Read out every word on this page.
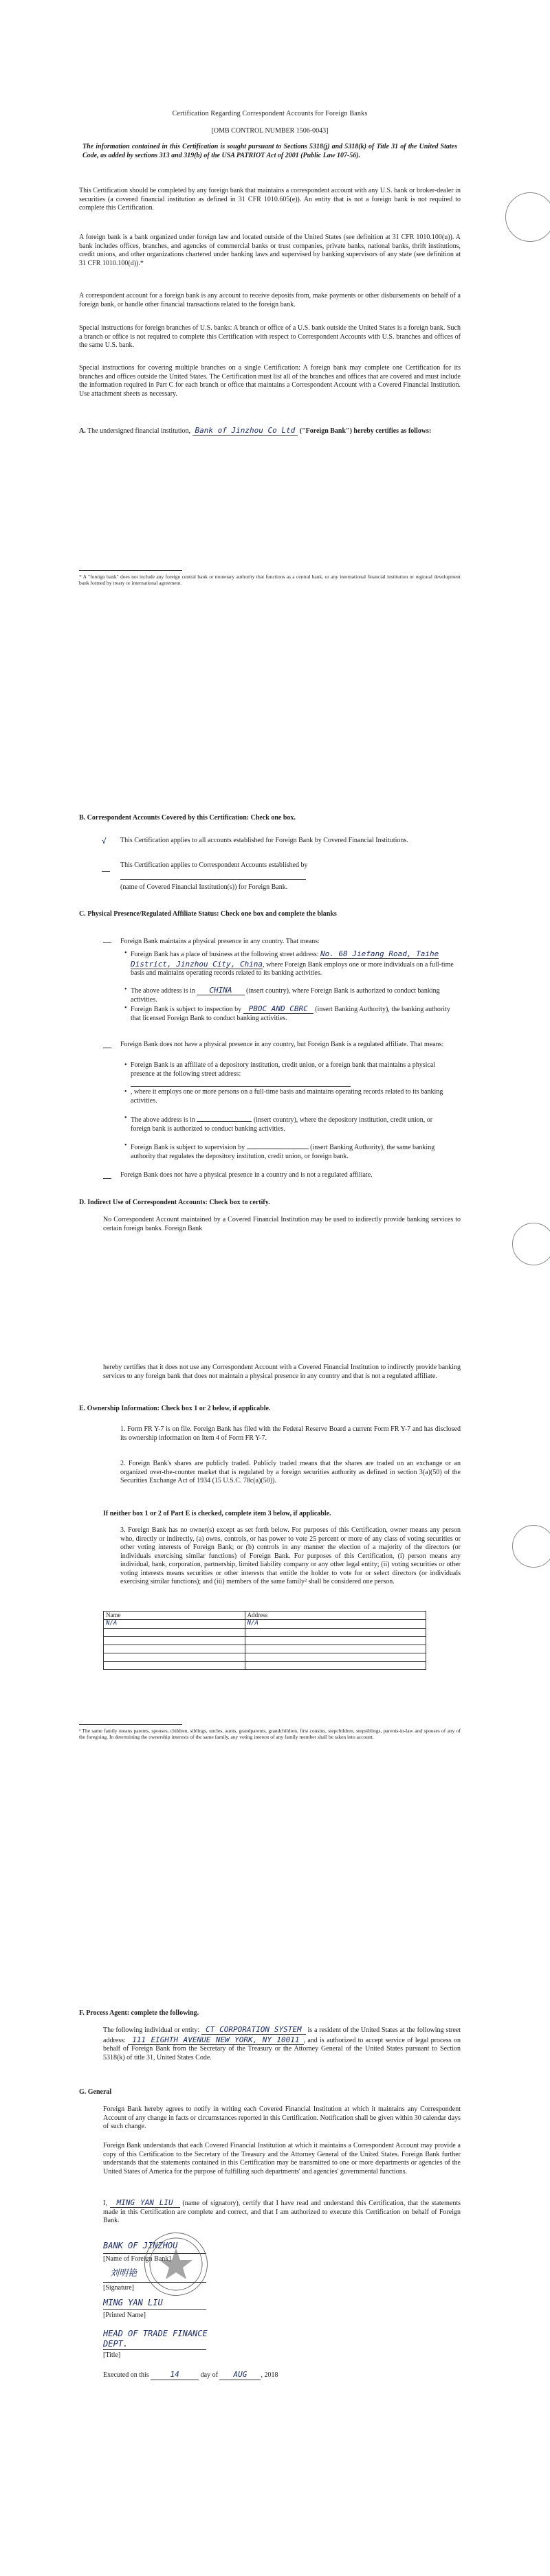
Certification Regarding Correspondent Accounts for Foreign Banks
[OMB CONTROL NUMBER 1506-0043]
The information contained in this Certification is sought pursuant to Sections 5318(j) and 5318(k) of Title 31 of the United States Code, as added by sections 313 and 319(b) of the USA PATRIOT Act of 2001 (Public Law 107-56).
This Certification should be completed by any foreign bank that maintains a correspondent account with any U.S. bank or broker-dealer in securities (a covered financial institution as defined in 31 CFR 1010.605(e)). An entity that is not a foreign bank is not required to complete this Certification.
A foreign bank is a bank organized under foreign law and located outside of the United States (see definition at 31 CFR 1010.100(u)). A bank includes offices, branches, and agencies of commercial banks or trust companies, private banks, national banks, thrift institutions, credit unions, and other organizations chartered under banking laws and supervised by banking supervisors of any state (see definition at 31 CFR 1010.100(d)).*
A correspondent account for a foreign bank is any account to receive deposits from, make payments or other disbursements on behalf of a foreign bank, or handle other financial transactions related to the foreign bank.
Special instructions for foreign branches of U.S. banks: A branch or office of a U.S. bank outside the United States is a foreign bank. Such a branch or office is not required to complete this Certification with respect to Correspondent Accounts with U.S. branches and offices of the same U.S. bank.
Special instructions for covering multiple branches on a single Certification: A foreign bank may complete one Certification for its branches and offices outside the United States. The Certification must list all of the branches and offices that are covered and must include the information required in Part C for each branch or office that maintains a Correspondent Account with a Covered Financial Institution. Use attachment sheets as necessary.
A. The undersigned financial institution, Bank of Jinzhou Co Ltd ("Foreign Bank") hereby certifies as follows:
* A "foreign bank" does not include any foreign central bank or monetary authority that functions as a central bank, or any international financial institution or regional development bank formed by treaty or international agreement.
B. Correspondent Accounts Covered by this Certification: Check one box.
√	This Certification applies to all accounts established for Foreign Bank by Covered Financial Institutions.
This Certification applies to Correspondent Accounts established by
(name of Covered Financial Institution(s)) for Foreign Bank.
C. Physical Presence/Regulated Affiliate Status: Check one box and complete the blanks
Foreign Bank maintains a physical presence in any country. That means:
• Foreign Bank has a place of business at the following street address: No. 68 Jiefang Road, Taihe District, Jinzhou City, China, where Foreign Bank employs one or more individuals on a full-time basis and maintains operating records related to its banking activities.
• The above address is in CHINA (insert country), where Foreign Bank is authorized to conduct banking activities.
• Foreign Bank is subject to inspection by PBOC AND CBRC (insert Banking Authority), the banking authority that licensed Foreign Bank to conduct banking activities.
Foreign Bank does not have a physical presence in any country, but Foreign Bank is a regulated affiliate. That means:
• Foreign Bank is an affiliate of a depository institution, credit union, or a foreign bank that maintains a physical presence at the following street address:
• , where it employs one or more persons on a full-time basis and maintains operating records related to its banking activities.
• The above address is in	(insert country), where the depository institution, credit union, or foreign bank is authorized to conduct banking activities.
• Foreign Bank is subject to supervision by	(insert Banking Authority), the same banking authority that regulates the depository institution, credit union, or foreign bank.
Foreign Bank does not have a physical presence in a country and is not a regulated affiliate.
D. Indirect Use of Correspondent Accounts: Check box to certify.
No Correspondent Account maintained by a Covered Financial Institution may be used to indirectly provide banking services to certain foreign banks. Foreign Bank
hereby certifies that it does not use any Correspondent Account with a Covered Financial Institution to indirectly provide banking services to any foreign bank that does not maintain a physical presence in any country and that is not a regulated affiliate.
E. Ownership Information: Check box 1 or 2 below, if applicable.
1. Form FR Y-7 is on file. Foreign Bank has filed with the Federal Reserve Board a current Form FR Y-7 and has disclosed its ownership information on Item 4 of Form FR Y-7.
2. Foreign Bank's shares are publicly traded. Publicly traded means that the shares are traded on an exchange or an organized over-the-counter market that is regulated by a foreign securities authority as defined in section 3(a)(50) of the Securities Exchange Act of 1934 (15 U.S.C. 78c(a)(50)).
If neither box 1 or 2 of Part E is checked, complete item 3 below, if applicable.
3. Foreign Bank has no owner(s) except as set forth below. For purposes of this Certification, owner means any person who, directly or indirectly, (a) owns, controls, or has power to vote 25 percent or more of any class of voting securities or other voting interests of Foreign Bank; or (b) controls in any manner the election of a majority of the directors (or individuals exercising similar functions) of Foreign Bank. For purposes of this Certification, (i) person means any individual, bank, corporation, partnership, limited liability company or any other legal entity; (ii) voting securities or other voting interests means securities or other interests that entitle the holder to vote for or select directors (or individuals exercising similar functions); and (iii) members of the same family² shall be considered one person.
Name	Address
N/A	N/A

² The same family means parents, spouses, children, siblings, uncles, aunts, grandparents, grandchildren, first cousins, stepchildren, stepsiblings, parents-in-law and spouses of any of the foregoing. In determining the ownership interests of the same family, any voting interest of any family member shall be taken into account.
F. Process Agent: complete the following.
The following individual or entity: CT CORPORATION SYSTEM is a resident of the United States at the following street address: 111 EIGHTH AVENUE NEW YORK, NY 10011 , and is authorized to accept service of legal process on behalf of Foreign Bank from the Secretary of the Treasury or the Attorney General of the United States pursuant to Section 5318(k) of title 31, United States Code.
G. General
Foreign Bank hereby agrees to notify in writing each Covered Financial Institution at which it maintains any Correspondent Account of any change in facts or circumstances reported in this Certification. Notification shall be given within 30 calendar days of such change.
Foreign Bank understands that each Covered Financial Institution at which it maintains a Correspondent Account may provide a copy of this Certification to the Secretary of the Treasury and the Attorney General of the United States. Foreign Bank further understands that the statements contained in this Certification may be transmitted to one or more departments or agencies of the United States of America for the purpose of fulfilling such departments' and agencies' governmental functions.
I, MING YAN LIU (name of signatory), certify that I have read and understand this Certification, that the statements made in this Certification are complete and correct, and that I am authorized to execute this Certification on behalf of Foreign Bank.
BANK OF JINZHOU
[Name of Foreign Bank]
刘明艳
[Signature]
MING YAN LIU
[Printed Name]
HEAD OF TRADE FINANCE DEPT.
[Title]
Executed on this	14	day of AUG , 2018
